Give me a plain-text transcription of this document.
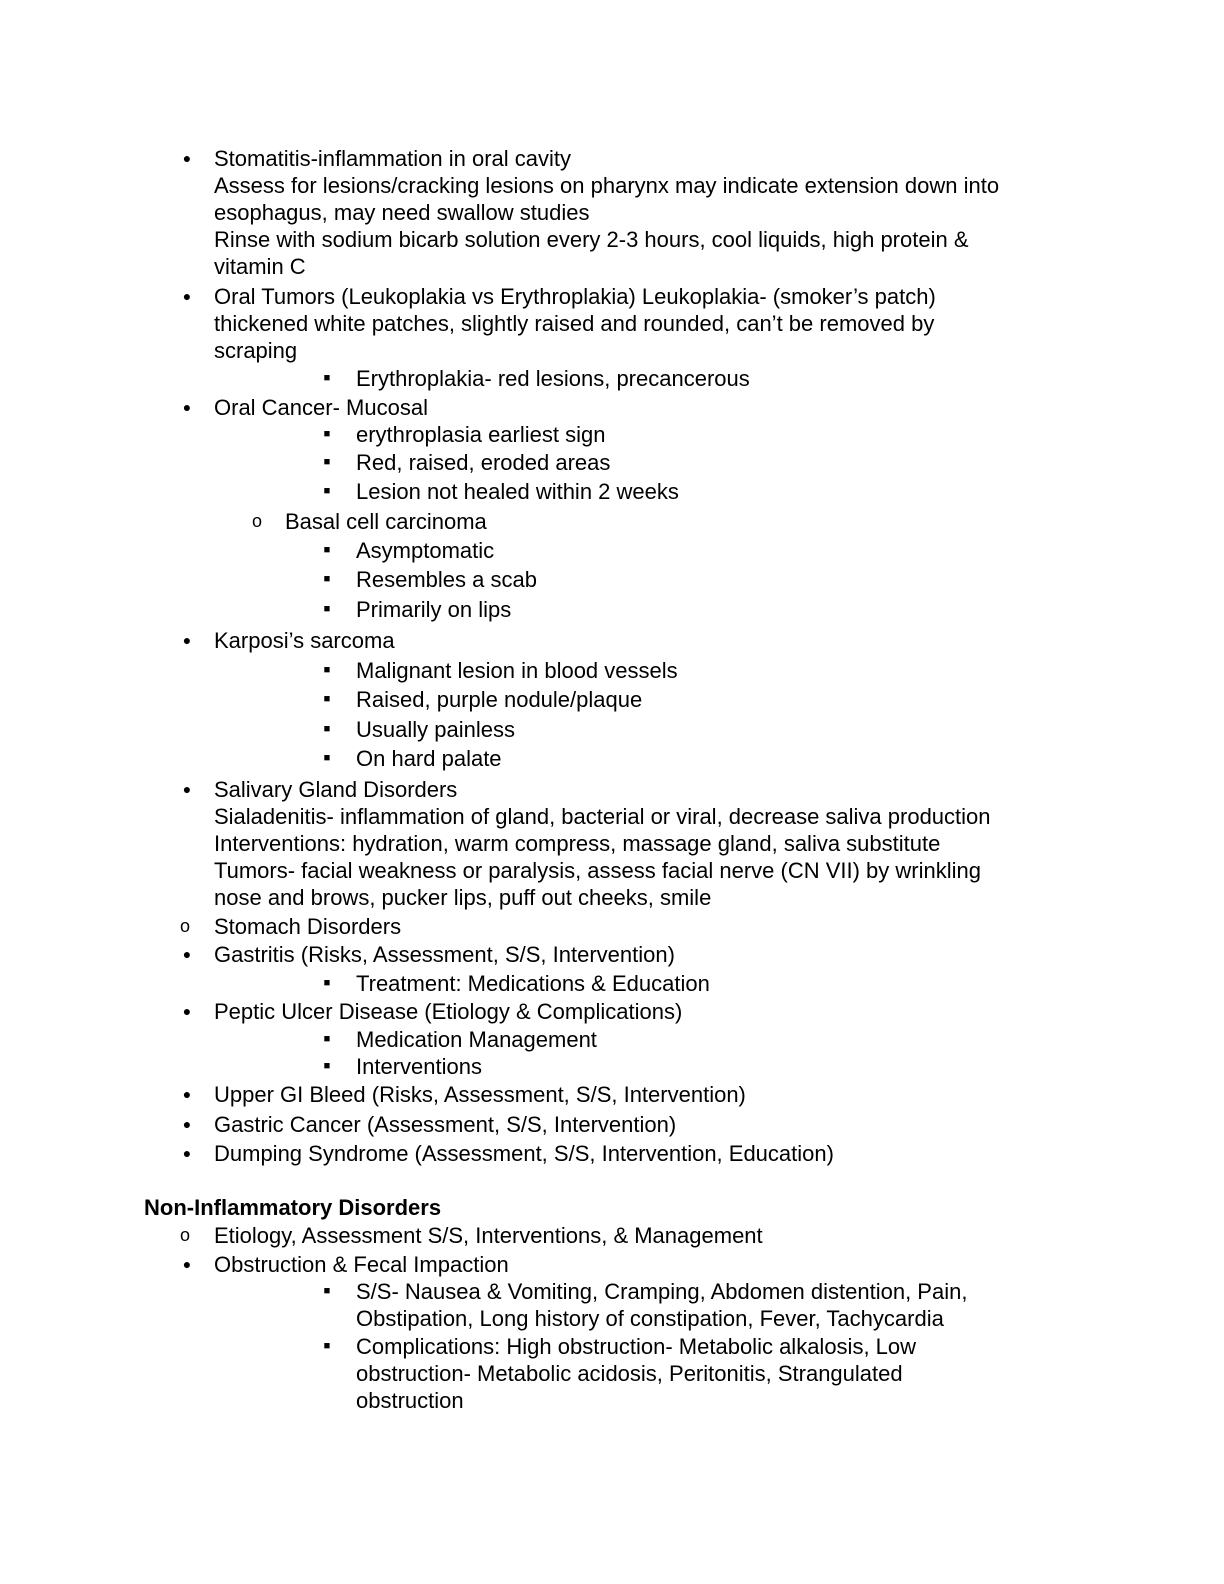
●	Stomatitis-inflammation in oral cavity

Assess for lesions/cracking lesions on pharynx may indicate extension down into

esophagus, may need swallow studies

Rinse with sodium bicarb solution every 2-3 hours, cool liquids, high protein &

vitamin C

●	Oral Tumors (Leukoplakia vs Erythroplakia) Leukoplakia- (smoker’s patch)

thickened white patches, slightly raised and rounded, can’t be removed by

scraping

■	Erythroplakia- red lesions, precancerous

●	Oral Cancer- Mucosal

■	erythroplasia earliest sign

■	Red, raised, eroded areas

■	Lesion not healed within 2 weeks

o	Basal cell carcinoma

■	Asymptomatic

■	Resembles a scab

■	Primarily on lips

●	Karposi’s sarcoma

■	Malignant lesion in blood vessels

■	Raised, purple nodule/plaque

■	Usually painless

■	On hard palate

●	Salivary Gland Disorders

Sialadenitis- inflammation of gland, bacterial or viral, decrease saliva production

Interventions: hydration, warm compress, massage gland, saliva substitute

Tumors- facial weakness or paralysis, assess facial nerve (CN VII) by wrinkling

nose and brows, pucker lips, puff out cheeks, smile

o	Stomach Disorders

●	Gastritis (Risks, Assessment, S/S, Intervention)

■	Treatment: Medications & Education

●	Peptic Ulcer Disease (Etiology & Complications)

■	Medication Management

■	Interventions

●	Upper GI Bleed (Risks, Assessment, S/S, Intervention)

●	Gastric Cancer (Assessment, S/S, Intervention)

●	Dumping Syndrome (Assessment, S/S, Intervention, Education)

Non-Inflammatory Disorders

o	Etiology, Assessment S/S, Interventions, & Management

●	Obstruction & Fecal Impaction

■	S/S- Nausea & Vomiting, Cramping, Abdomen distention, Pain,

Obstipation, Long history of constipation, Fever, Tachycardia

■	Complications: High obstruction- Metabolic alkalosis, Low

obstruction- Metabolic acidosis, Peritonitis, Strangulated

obstruction
